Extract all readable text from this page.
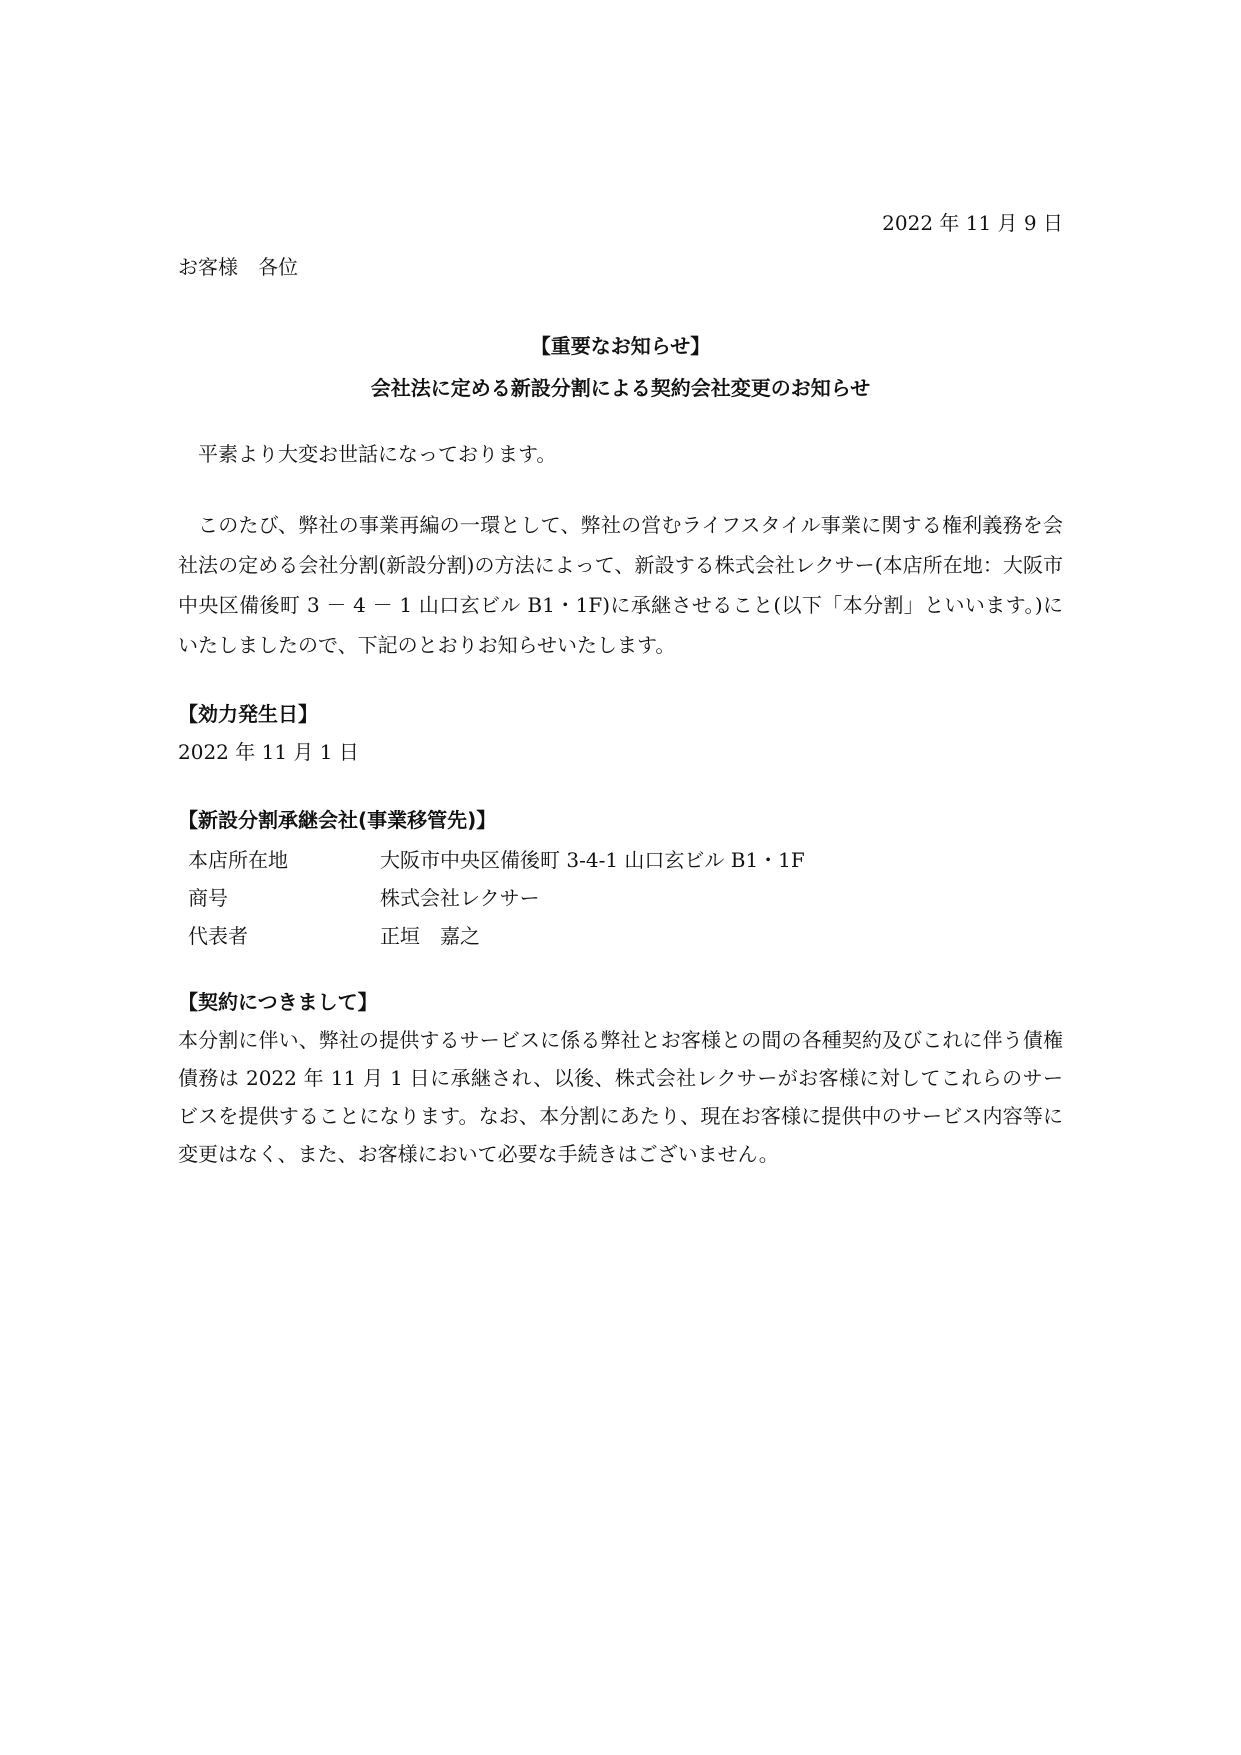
2022 年 11 月 9 日
お客様　各位
【重要なお知らせ】
会社法に定める新設分割による契約会社変更のお知らせ
平素より大変お世話になっております。
このたび、弊社の事業再編の一環として、弊社の営むライフスタイル事業に関する権利義務を会社法の定める会社分割(新設分割)の方法によって、新設する株式会社レクサー(本店所在地：大阪市中央区備後町 3 － 4 － 1 山口玄ビル B1・1F)に承継させること(以下「本分割」といいます。)にいたしましたので、下記のとおりお知らせいたします。
【効力発生日】
2022 年 11 月 1 日
【新設分割承継会社(事業移管先)】
本店所在地	大阪市中央区備後町 3-4-1 山口玄ビル B1・1F
商号	株式会社レクサー
代表者	正垣　嘉之
【契約につきまして】
本分割に伴い、弊社の提供するサービスに係る弊社とお客様との間の各種契約及びこれに伴う債権債務は 2022 年 11 月 1 日に承継され、以後、株式会社レクサーがお客様に対してこれらのサービスを提供することになります。なお、本分割にあたり、現在お客様に提供中のサービス内容等に変更はなく、また、お客様において必要な手続きはございません。
